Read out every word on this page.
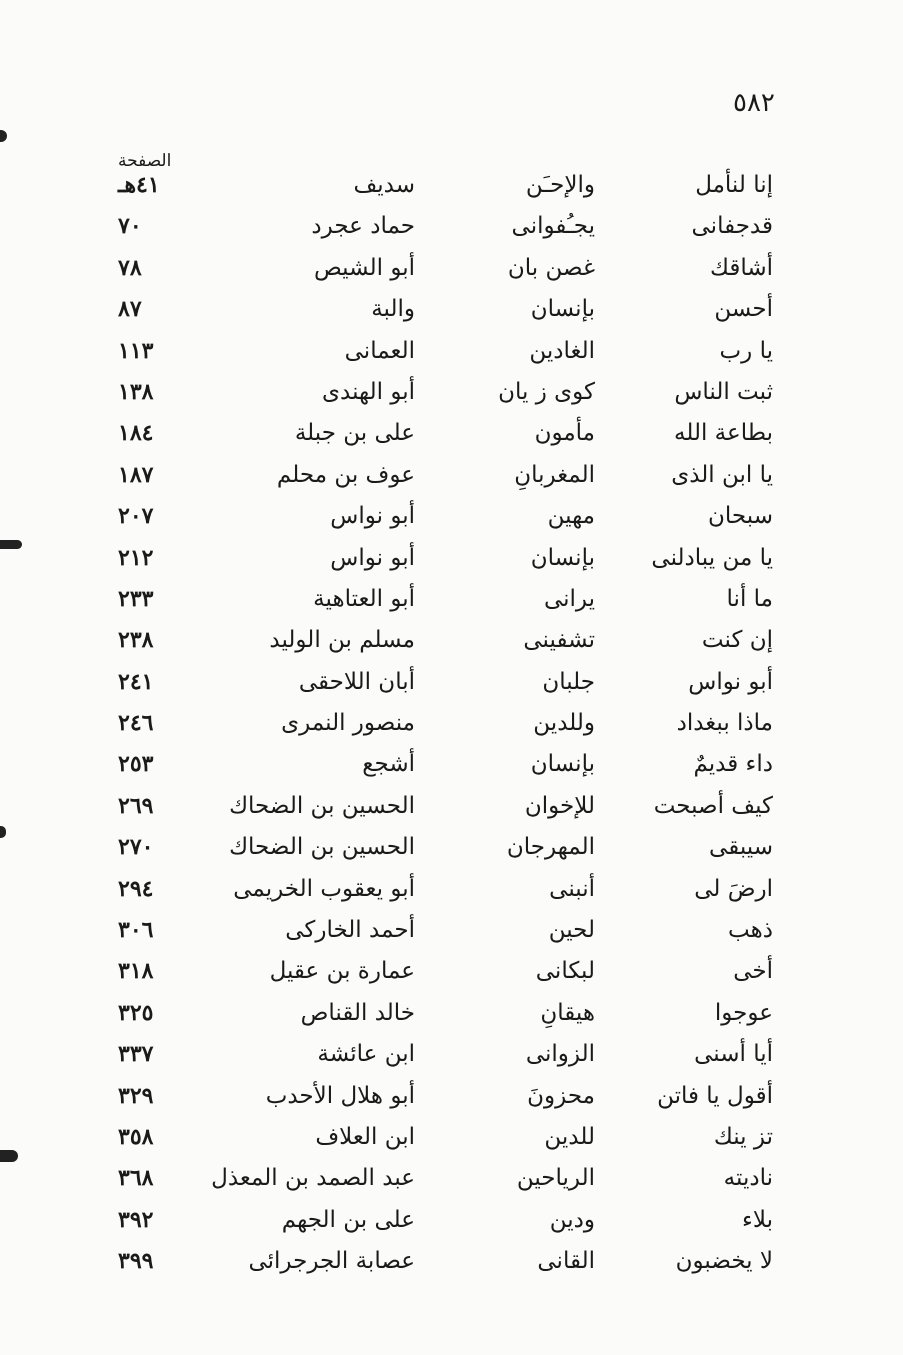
٥٨٢
الصفحة
إنا لنأمل
والإحـَن
سديف
٤١هـ
قدجفانى
يجـُفوانى
حماد عجرد
٧٠
أشاقك
غصن بان
أبو الشيص
٧٨
أحسن
بإنسان
والبة
٨٧
يا رب
الغادين
العمانى
١١٣
ثبت الناس
كوى ز يان
أبو الهندى
١٣٨
بطاعة الله
مأمون
على بن جبلة
١٨٤
يا ابن الذى
المغربانِ
عوف بن محلم
١٨٧
سبحان
مهين
أبو نواس
٢٠٧
يا من يبادلنى
بإنسان
أبو نواس
٢١٢
ما أنا
يرانى
أبو العتاهية
٢٣٣
إن كنت
تشفينى
مسلم بن الوليد
٢٣٨
أبو نواس
جلبان
أبان اللاحقى
٢٤١
ماذا ببغداد
وللدين
منصور النمرى
٢٤٦
داء قديمٌ
بإنسان
أشجع
٢٥٣
كيف أصبحت
للإخوان
الحسين بن الضحاك
٢٦٩
سيبقى
المهرجان
الحسين بن الضحاك
٢٧٠
ارضَ لى
أنبنى
أبو يعقوب الخريمى
٢٩٤
ذهب
لحين
أحمد الخاركى
٣٠٦
أخى
لبكانى
عمارة بن عقيل
٣١٨
عوجوا
هيقانِ
خالد القناص
٣٢٥
أيا أسنى
الزوانى
ابن عائشة
٣٣٧
أقول يا فاتن
محزونَ
أبو هلال الأحدب
٣٢٩
تز ينك
للدين
ابن العلاف
٣٥٨
ناديته
الرياحين
عبد الصمد بن المعذل
٣٦٨
بلاء
ودين
على بن الجهم
٣٩٢
لا يخضبون
القانى
عصابة الجرجرائى
٣٩٩
